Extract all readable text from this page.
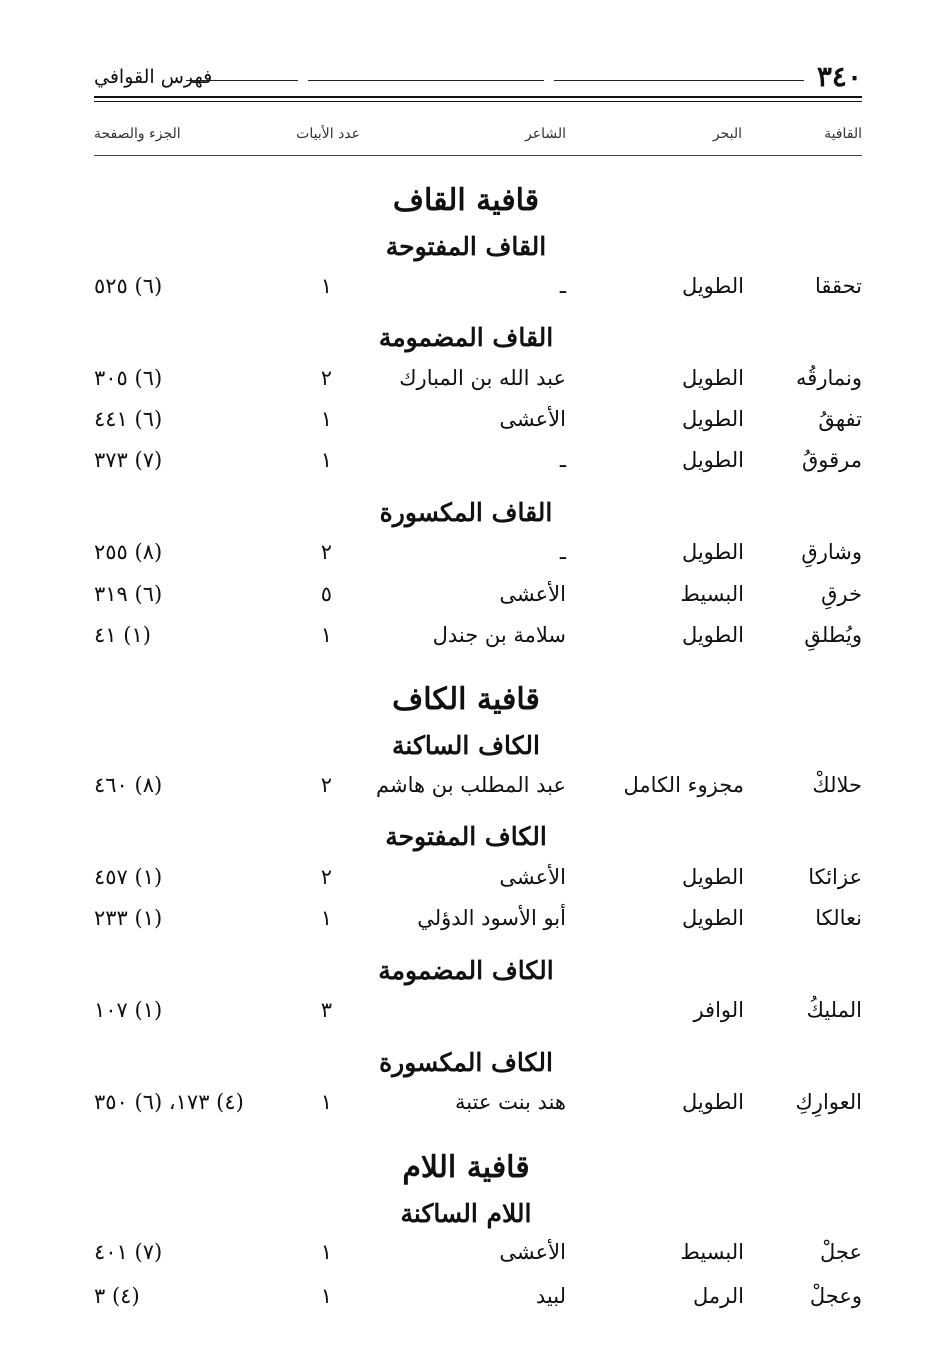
٣٤٠
فهرس القوافي
القافية
البحر
الشاعر
عدد الأبيات
الجزء والصفحة
قافية القاف
القاف المفتوحة
تحققا
الطويل
ـ
١
(٦) ٥٢٥
القاف المضمومة
ونمارقُه
الطويل
عبد الله بن المبارك
٢
(٦) ٣٠٥
تفهقُ
الطويل
الأعشى
١
(٦) ٤٤١
مرقوقُ
الطويل
ـ
١
(٧) ٣٧٣
القاف المكسورة
وشارقِ
الطويل
ـ
٢
(٨) ٢٥٥
خرقِ
البسيط
الأعشى
٥
(٦) ٣١٩
ويُطلقِ
الطويل
سلامة بن جندل
١
(١) ٤١
قافية الكاف
الكاف الساكنة
حلالكْ
مجزوء الكامل
عبد المطلب بن هاشم
٢
(٨) ٤٦٠
الكاف المفتوحة
عزائكا
الطويل
الأعشى
٢
(١) ٤٥٧
نعالكا
الطويل
أبو الأسود الدؤلي
١
(١) ٢٣٣
الكاف المضمومة
المليكُ
الوافر
٣
(١) ١٠٧
الكاف المكسورة
العوارِكِ
الطويل
هند بنت عتبة
١
(٤) ١٧٣، (٦) ٣٥٠
قافية اللام
اللام الساكنة
عجلْ
البسيط
الأعشى
١
(٧) ٤٠١
وعجلْ
الرمل
لبيد
١
(٤) ٣
